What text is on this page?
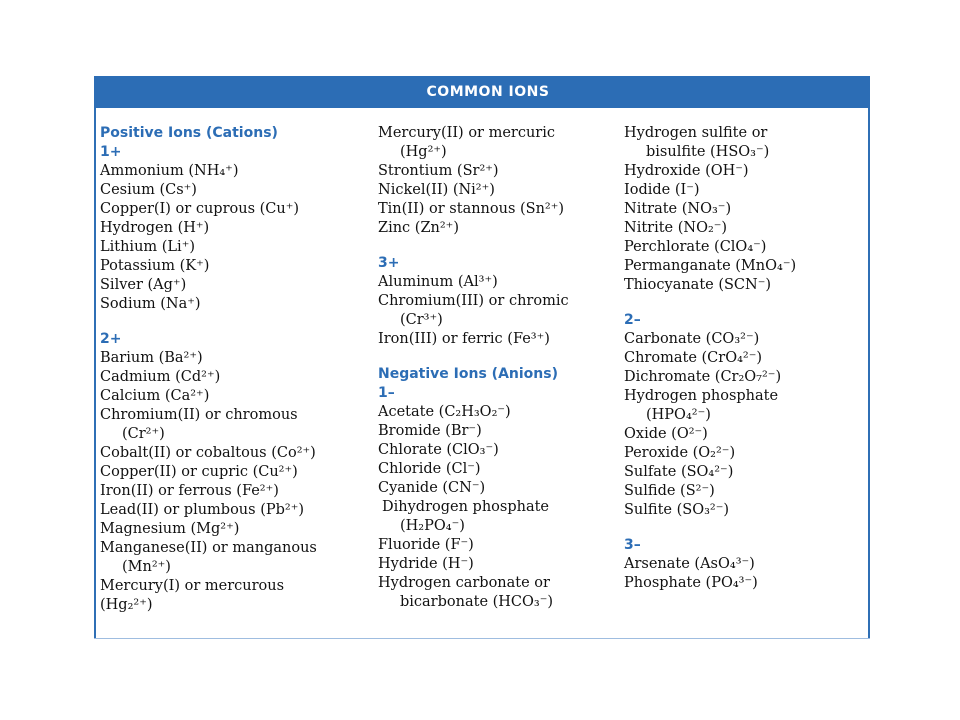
COMMON IONS
Positive Ions (Cations)
1+
Ammonium (NH₄⁺)
Cesium (Cs⁺)
Copper(I) or cuprous (Cu⁺)
Hydrogen (H⁺)
Lithium (Li⁺)
Potassium (K⁺)
Silver (Ag⁺)
Sodium (Na⁺)
2+
Barium (Ba²⁺)
Cadmium (Cd²⁺)
Calcium (Ca²⁺)
Chromium(II) or chromous
(Cr²⁺)
Cobalt(II) or cobaltous (Co²⁺)
Copper(II) or cupric (Cu²⁺)
Iron(II) or ferrous (Fe²⁺)
Lead(II) or plumbous (Pb²⁺)
Magnesium (Mg²⁺)
Manganese(II) or manganous
(Mn²⁺)
Mercury(I) or mercurous
(Hg₂²⁺)
Mercury(II) or mercuric
(Hg²⁺)
Strontium (Sr²⁺)
Nickel(II) (Ni²⁺)
Tin(II) or stannous (Sn²⁺)
Zinc (Zn²⁺)
3+
Aluminum (Al³⁺)
Chromium(III) or chromic
(Cr³⁺)
Iron(III) or ferric (Fe³⁺)
Negative Ions (Anions)
1–
Acetate (C₂H₃O₂⁻)
Bromide (Br⁻)
Chlorate (ClO₃⁻)
Chloride (Cl⁻)
Cyanide (CN⁻)
Dihydrogen phosphate
(H₂PO₄⁻)
Fluoride (F⁻)
Hydride (H⁻)
Hydrogen carbonate or
bicarbonate (HCO₃⁻)
Hydrogen sulfite or
bisulfite (HSO₃⁻)
Hydroxide (OH⁻)
Iodide (I⁻)
Nitrate (NO₃⁻)
Nitrite (NO₂⁻)
Perchlorate (ClO₄⁻)
Permanganate (MnO₄⁻)
Thiocyanate (SCN⁻)
2–
Carbonate (CO₃²⁻)
Chromate (CrO₄²⁻)
Dichromate (Cr₂O₇²⁻)
Hydrogen phosphate
(HPO₄²⁻)
Oxide (O²⁻)
Peroxide (O₂²⁻)
Sulfate (SO₄²⁻)
Sulfide (S²⁻)
Sulfite (SO₃²⁻)
3–
Arsenate (AsO₄³⁻)
Phosphate (PO₄³⁻)
